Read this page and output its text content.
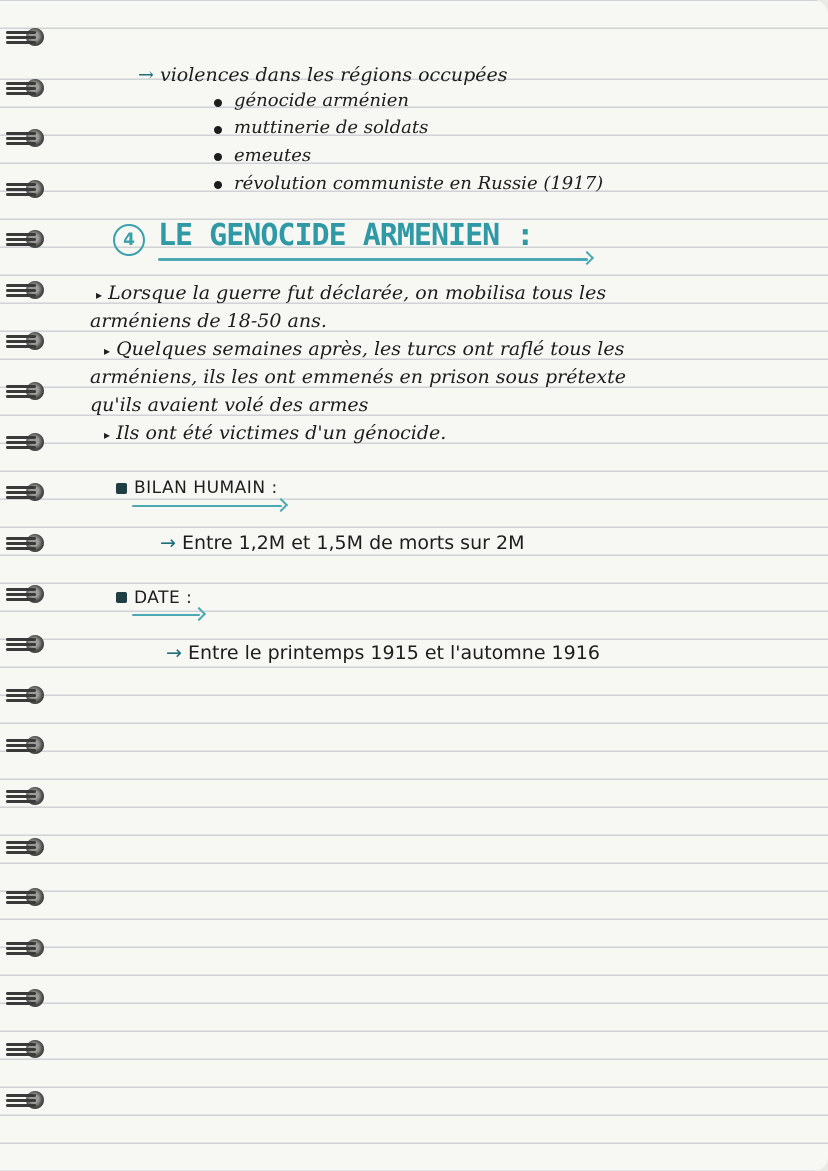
→ violences dans les régions occupées
génocide arménien
muttinerie de soldats
emeutes
révolution communiste en Russie (1917)
4 LE GENOCIDE ARMENIEN :
▸ Lorsque la guerre fut déclarée, on mobilisa tous les
arméniens de 18-50 ans.
▸ Quelques semaines après, les turcs ont raflé tous les
arméniens, ils les ont emmenés en prison sous prétexte
qu'ils avaient volé des armes
▸ Ils ont été victimes d'un génocide.
BILAN HUMAIN :
→ Entre 1,2M et 1,5M de morts sur 2M
DATE :
→ Entre le printemps 1915 et l'automne 1916
